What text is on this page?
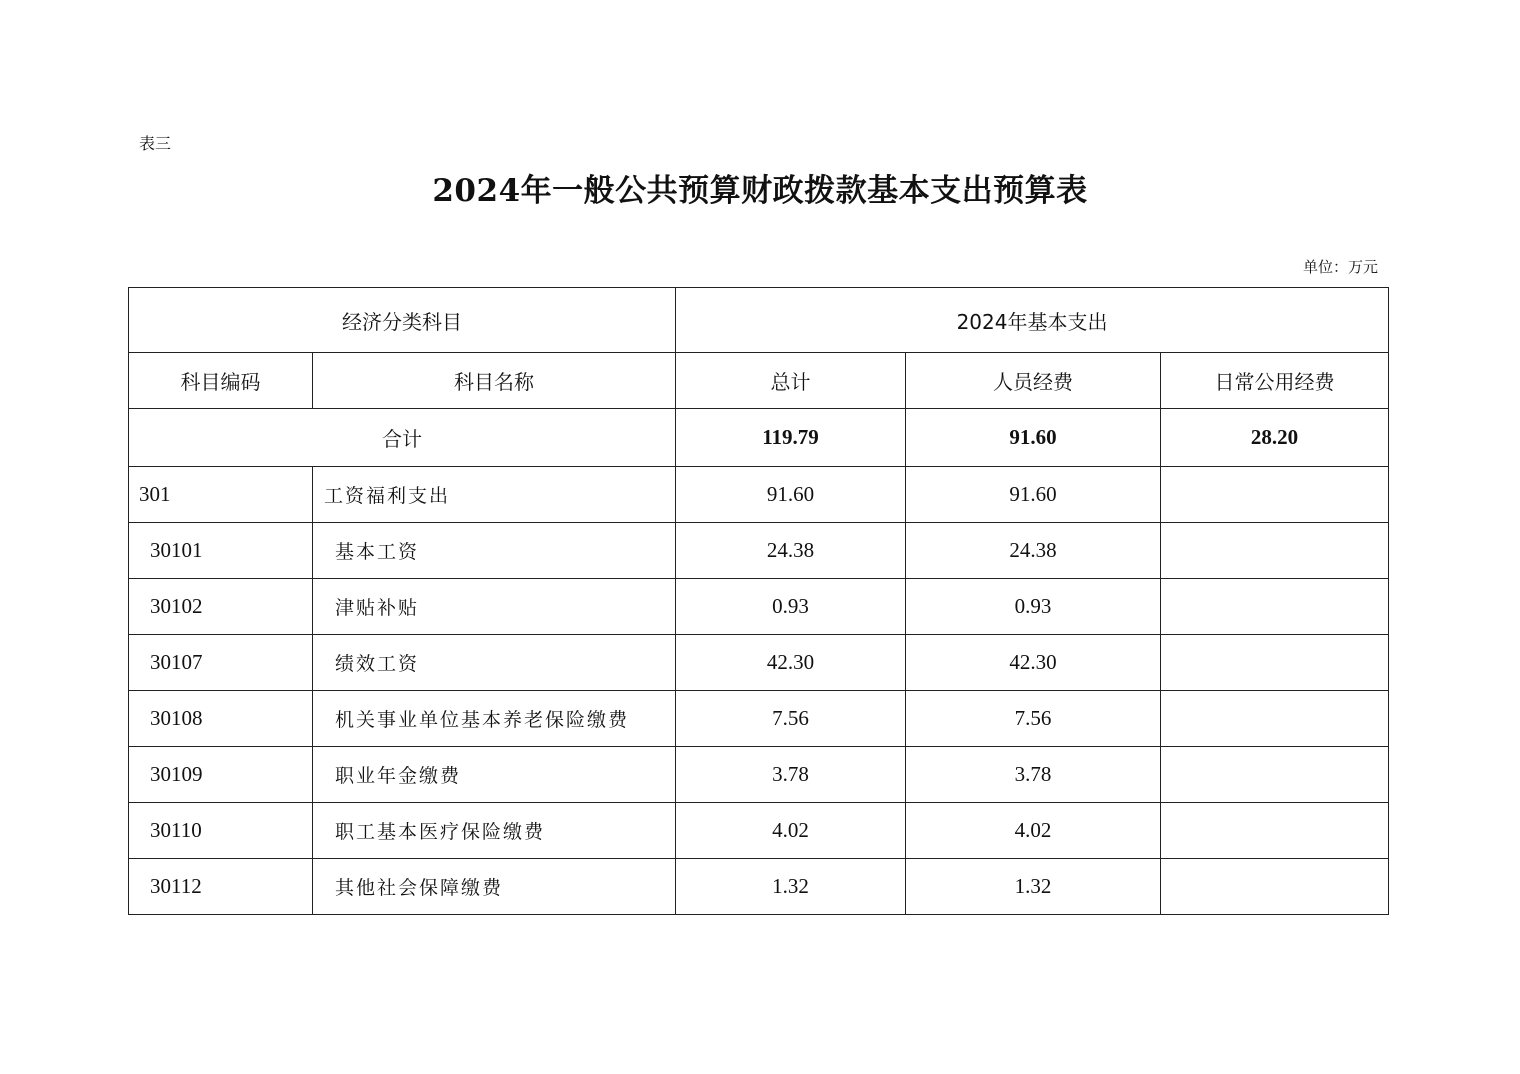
表三
2024年一般公共预算财政拨款基本支出预算表
单位：万元
经济分类科目		2024年基本支出		
科目编码	科目名称	总计	人员经费	日常公用经费
合计		119.79	91.60	28.20
301	工资福利支出	91.60	91.60	
30101	基本工资	24.38	24.38	
30102	津贴补贴	0.93	0.93	
30107	绩效工资	42.30	42.30	
30108	机关事业单位基本养老保险缴费	7.56	7.56	
30109	职业年金缴费	3.78	3.78	
30110	职工基本医疗保险缴费	4.02	4.02	
30112	其他社会保障缴费	1.32	1.32	
